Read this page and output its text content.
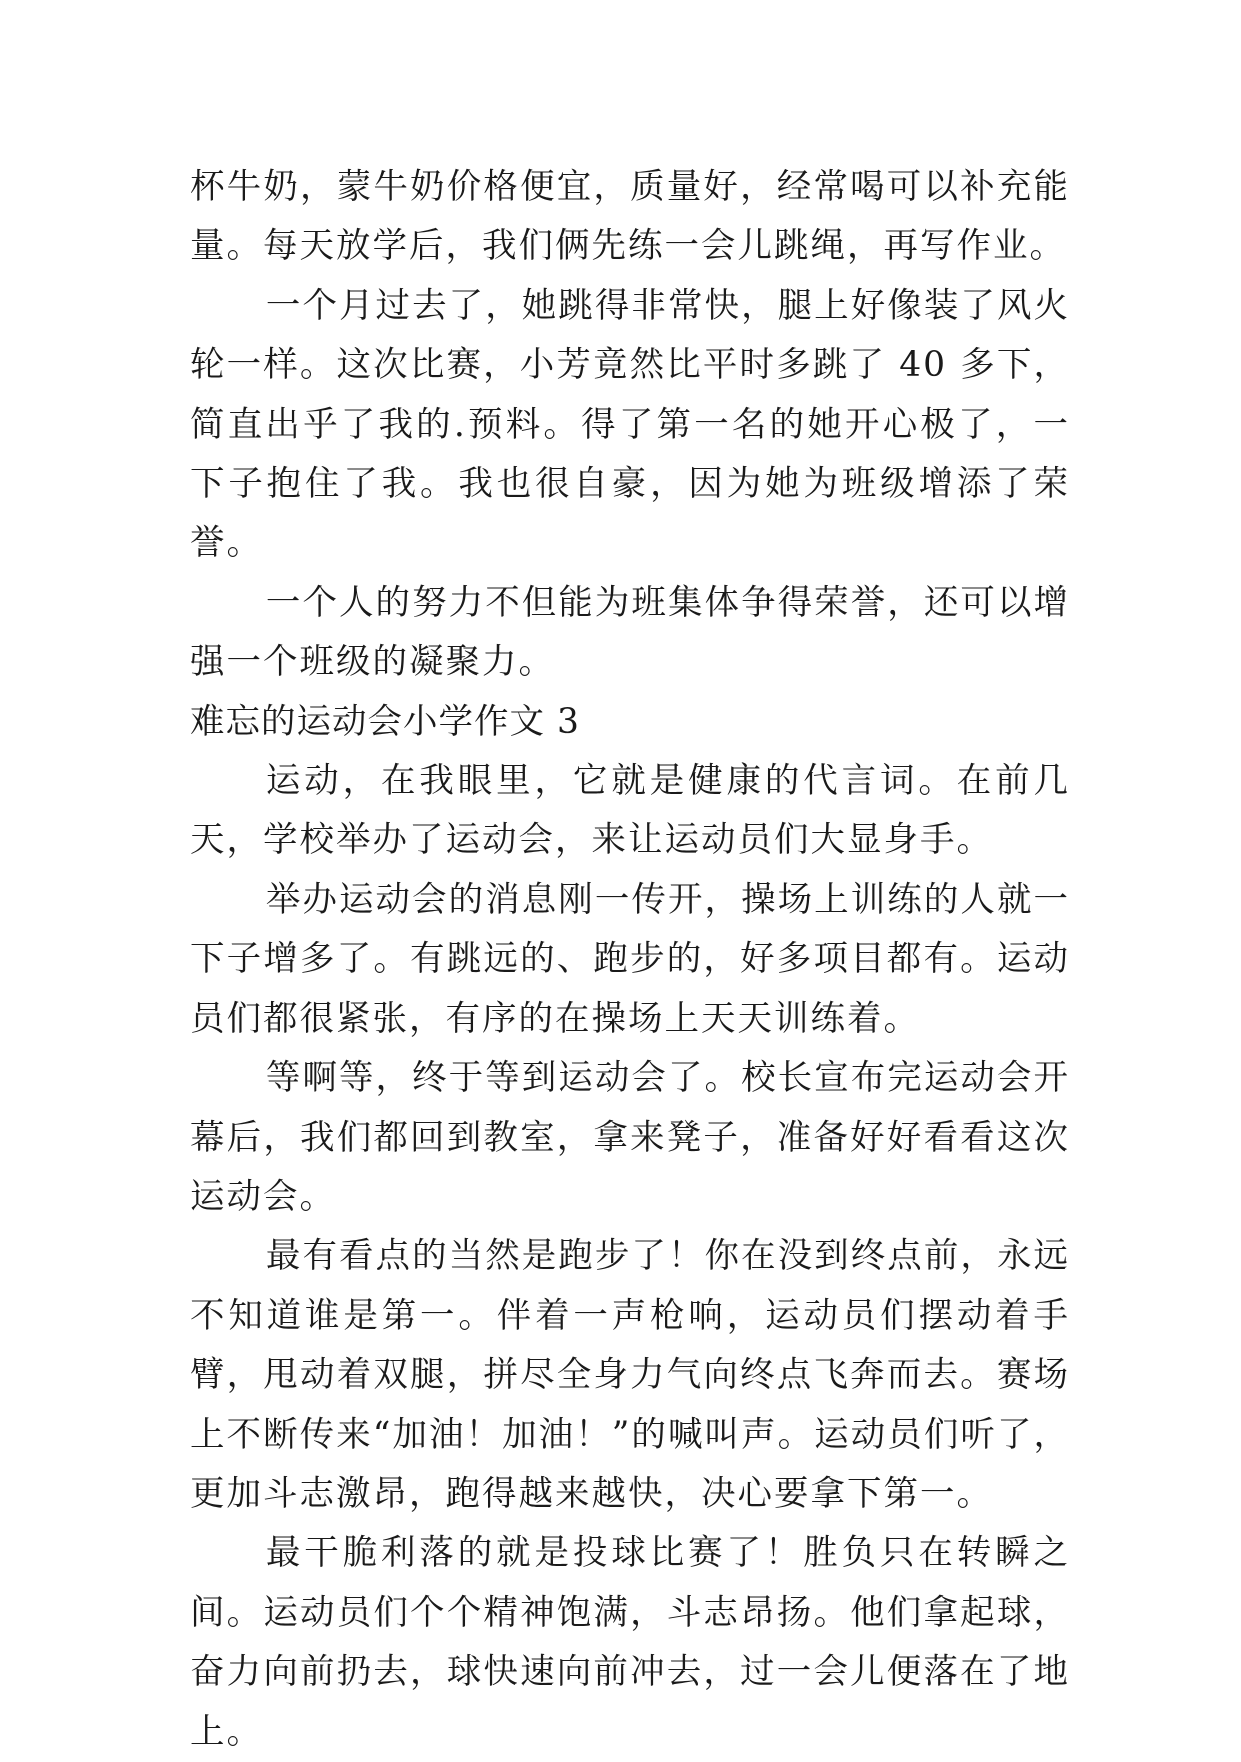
杯牛奶，蒙牛奶价格便宜，质量好，经常喝可以补充能量。每天放学后，我们俩先练一会儿跳绳，再写作业。

一个月过去了，她跳得非常快，腿上好像装了风火轮一样。这次比赛，小芳竟然比平时多跳了 40 多下，简直出乎了我的.预料。得了第一名的她开心极了，一下子抱住了我。我也很自豪，因为她为班级增添了荣誉。

一个人的努力不但能为班集体争得荣誉，还可以增强一个班级的凝聚力。

难忘的运动会小学作文 3

运动，在我眼里，它就是健康的代言词。在前几天，学校举办了运动会，来让运动员们大显身手。

举办运动会的消息刚一传开，操场上训练的人就一下子增多了。有跳远的、跑步的，好多项目都有。运动员们都很紧张，有序的在操场上天天训练着。

等啊等，终于等到运动会了。校长宣布完运动会开幕后，我们都回到教室，拿来凳子，准备好好看看这次运动会。

最有看点的当然是跑步了！你在没到终点前，永远不知道谁是第一。伴着一声枪响，运动员们摆动着手臂，甩动着双腿，拼尽全身力气向终点飞奔而去。赛场上不断传来“加油！加油！”的喊叫声。运动员们听了，更加斗志激昂，跑得越来越快，决心要拿下第一。

最干脆利落的就是投球比赛了！胜负只在转瞬之间。运动员们个个精神饱满，斗志昂扬。他们拿起球，奋力向前扔去，球快速向前冲去，过一会儿便落在了地上。
